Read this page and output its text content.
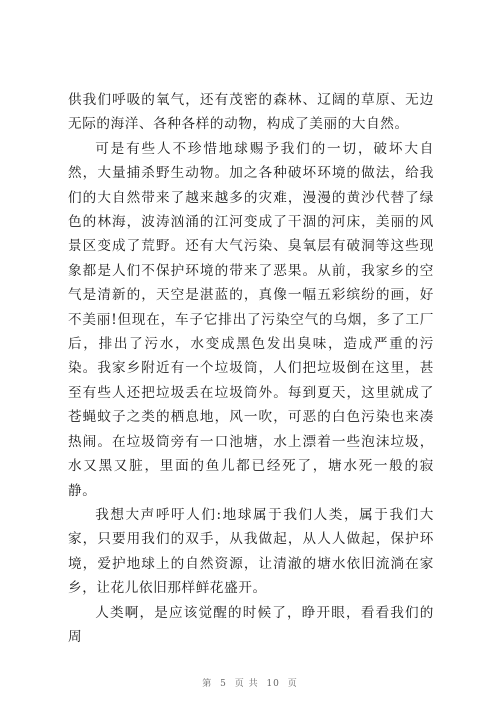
供我们呼吸的氧气，还有茂密的森林、辽阔的草原、无边无际的海洋、各种各样的动物，构成了美丽的大自然。

可是有些人不珍惜地球赐予我们的一切，破坏大自然，大量捕杀野生动物。加之各种破坏环境的做法，给我们的大自然带来了越来越多的灾难，漫漫的黄沙代替了绿色的林海，波涛汹涌的江河变成了干涸的河床，美丽的风景区变成了荒野。还有大气污染、臭氧层有破洞等这些现象都是人们不保护环境的带来了恶果。从前，我家乡的空气是清新的，天空是湛蓝的，真像一幅五彩缤纷的画，好不美丽!但现在，车子它排出了污染空气的乌烟，多了工厂后，排出了污水，水变成黑色发出臭味，造成严重的污染。我家乡附近有一个垃圾筒，人们把垃圾倒在这里，甚至有些人还把垃圾丢在垃圾筒外。每到夏天，这里就成了苍蝇蚊子之类的栖息地，风一吹，可恶的白色污染也来凑热闹。在垃圾筒旁有一口池塘，水上漂着一些泡沫垃圾，水又黑又脏，里面的鱼儿都已经死了，塘水死一般的寂静。

我想大声呼吁人们:地球属于我们人类，属于我们大家，只要用我们的双手，从我做起，从人人做起，保护环境，爱护地球上的自然资源，让清澈的塘水依旧流淌在家乡，让花儿依旧那样鲜花盛开。

人类啊，是应该觉醒的时候了，睁开眼，看看我们的周

第 5 页 共 10 页
